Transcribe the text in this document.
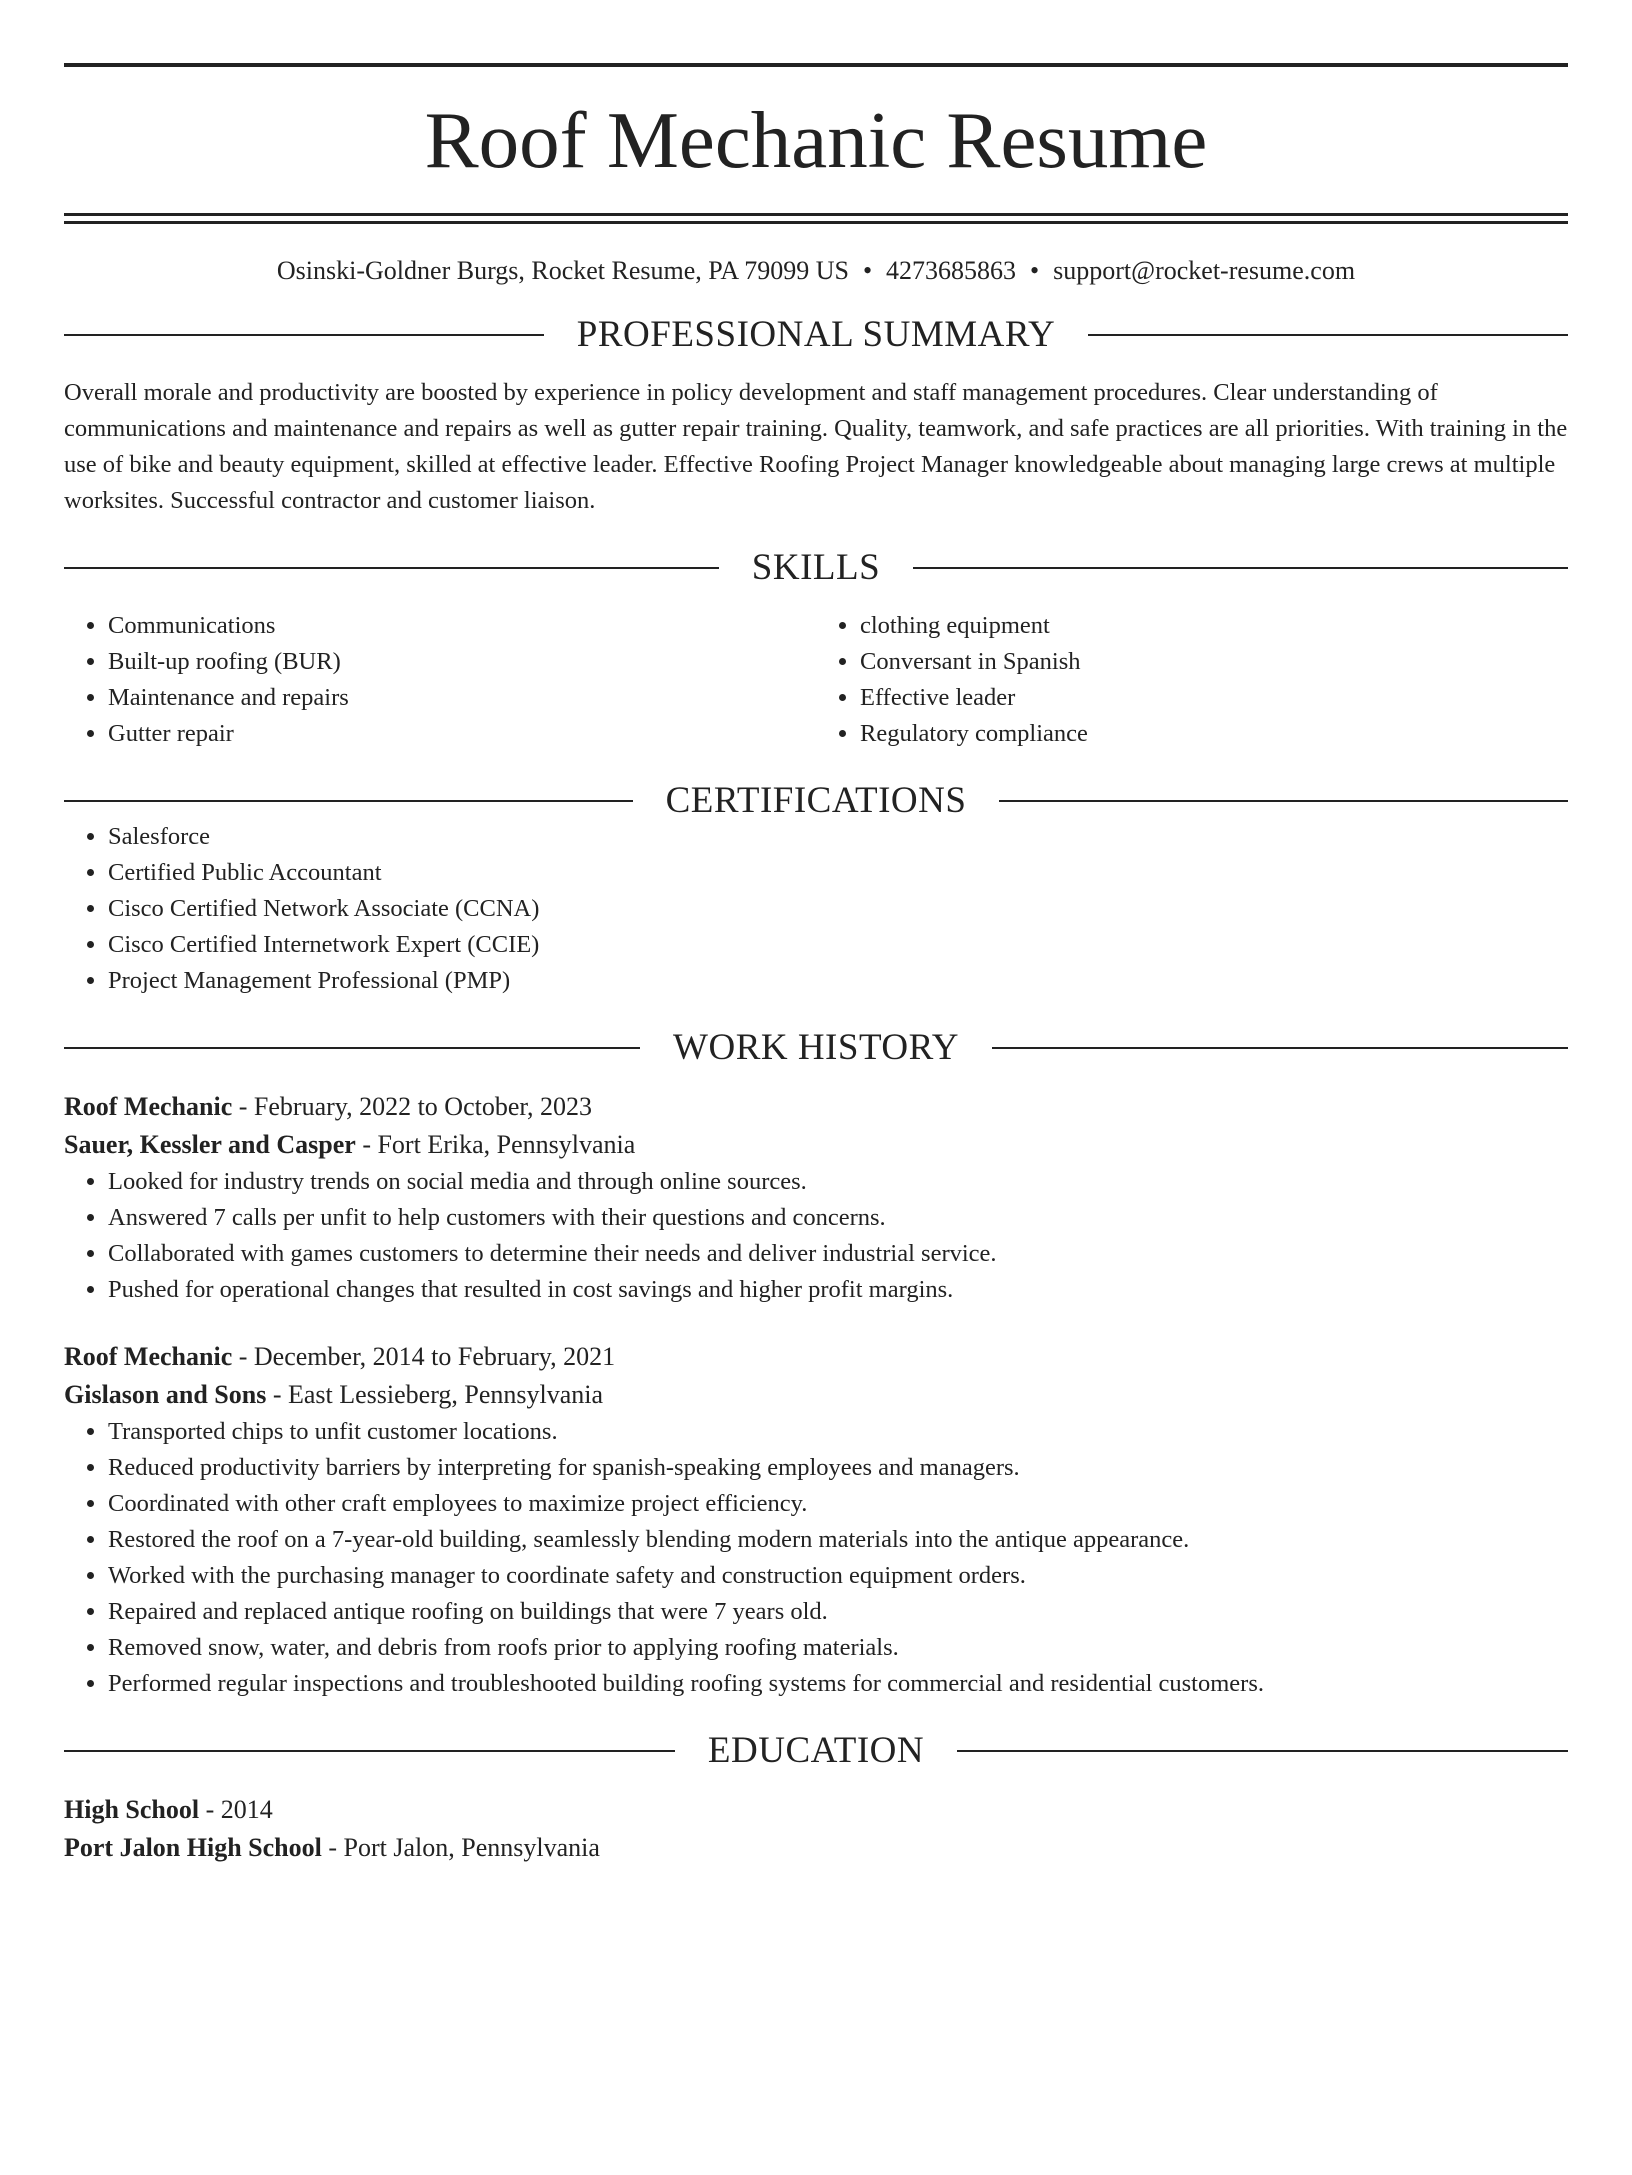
Roof Mechanic Resume
Osinski-Goldner Burgs, Rocket Resume, PA 79099 US • 4273685863 • support@rocket-resume.com
PROFESSIONAL SUMMARY
Overall morale and productivity are boosted by experience in policy development and staff management procedures. Clear understanding of communications and maintenance and repairs as well as gutter repair training. Quality, teamwork, and safe practices are all priorities. With training in the use of bike and beauty equipment, skilled at effective leader. Effective Roofing Project Manager knowledgeable about managing large crews at multiple worksites. Successful contractor and customer liaison.
SKILLS
• Communications
• Built-up roofing (BUR)
• Maintenance and repairs
• Gutter repair
• clothing equipment
• Conversant in Spanish
• Effective leader
• Regulatory compliance
CERTIFICATIONS
• Salesforce
• Certified Public Accountant
• Cisco Certified Network Associate (CCNA)
• Cisco Certified Internetwork Expert (CCIE)
• Project Management Professional (PMP)
WORK HISTORY
Roof Mechanic - February, 2022 to October, 2023
Sauer, Kessler and Casper - Fort Erika, Pennsylvania
• Looked for industry trends on social media and through online sources.
• Answered 7 calls per unfit to help customers with their questions and concerns.
• Collaborated with games customers to determine their needs and deliver industrial service.
• Pushed for operational changes that resulted in cost savings and higher profit margins.
Roof Mechanic - December, 2014 to February, 2021
Gislason and Sons - East Lessieberg, Pennsylvania
• Transported chips to unfit customer locations.
• Reduced productivity barriers by interpreting for spanish-speaking employees and managers.
• Coordinated with other craft employees to maximize project efficiency.
• Restored the roof on a 7-year-old building, seamlessly blending modern materials into the antique appearance.
• Worked with the purchasing manager to coordinate safety and construction equipment orders.
• Repaired and replaced antique roofing on buildings that were 7 years old.
• Removed snow, water, and debris from roofs prior to applying roofing materials.
• Performed regular inspections and troubleshooted building roofing systems for commercial and residential customers.
EDUCATION
High School - 2014
Port Jalon High School - Port Jalon, Pennsylvania
